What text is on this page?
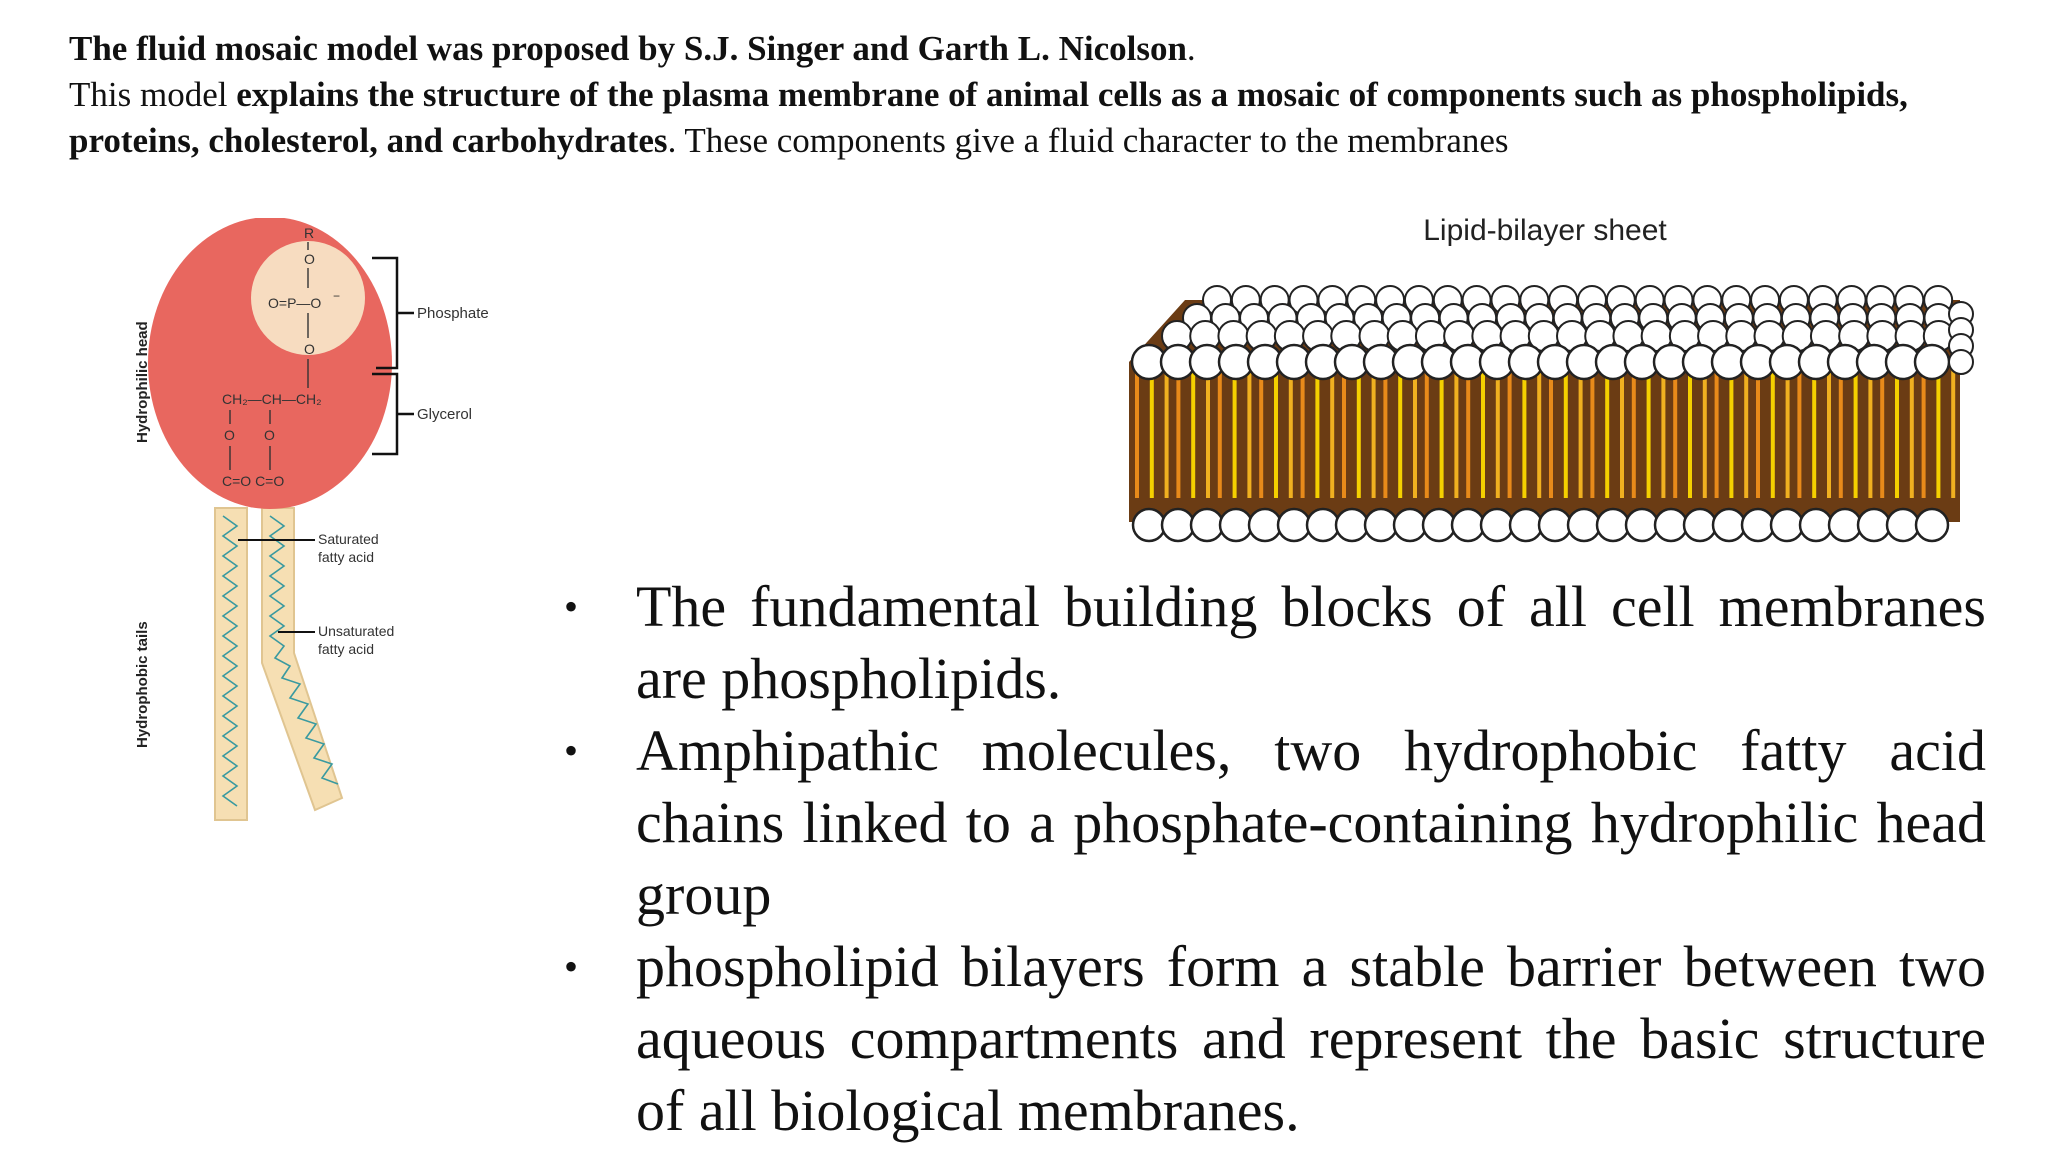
The fluid mosaic model was proposed by S.J. Singer and Garth L. Nicolson.

This model explains the structure of the plasma membrane of animal cells as a mosaic of components such as phospholipids, proteins, cholesterol, and carbohydrates. These components give a fluid character to the membranes

R
O
O=P—O −
O
CH₂—CH—CH₂
O O
C=O C=O
Phosphate
Glycerol
Saturated
fatty acid
Unsaturated
fatty acid
Hydrophilic head
Hydrophobic tails
Lipid-bilayer sheet
• The fundamental building blocks of all cell membranes are phospholipids.
• Amphipathic molecules, two hydrophobic fatty acid chains linked to a phosphate-containing hydrophilic head group
• phospholipid bilayers form a stable barrier between two aqueous compartments and represent the basic structure of all biological membranes.
